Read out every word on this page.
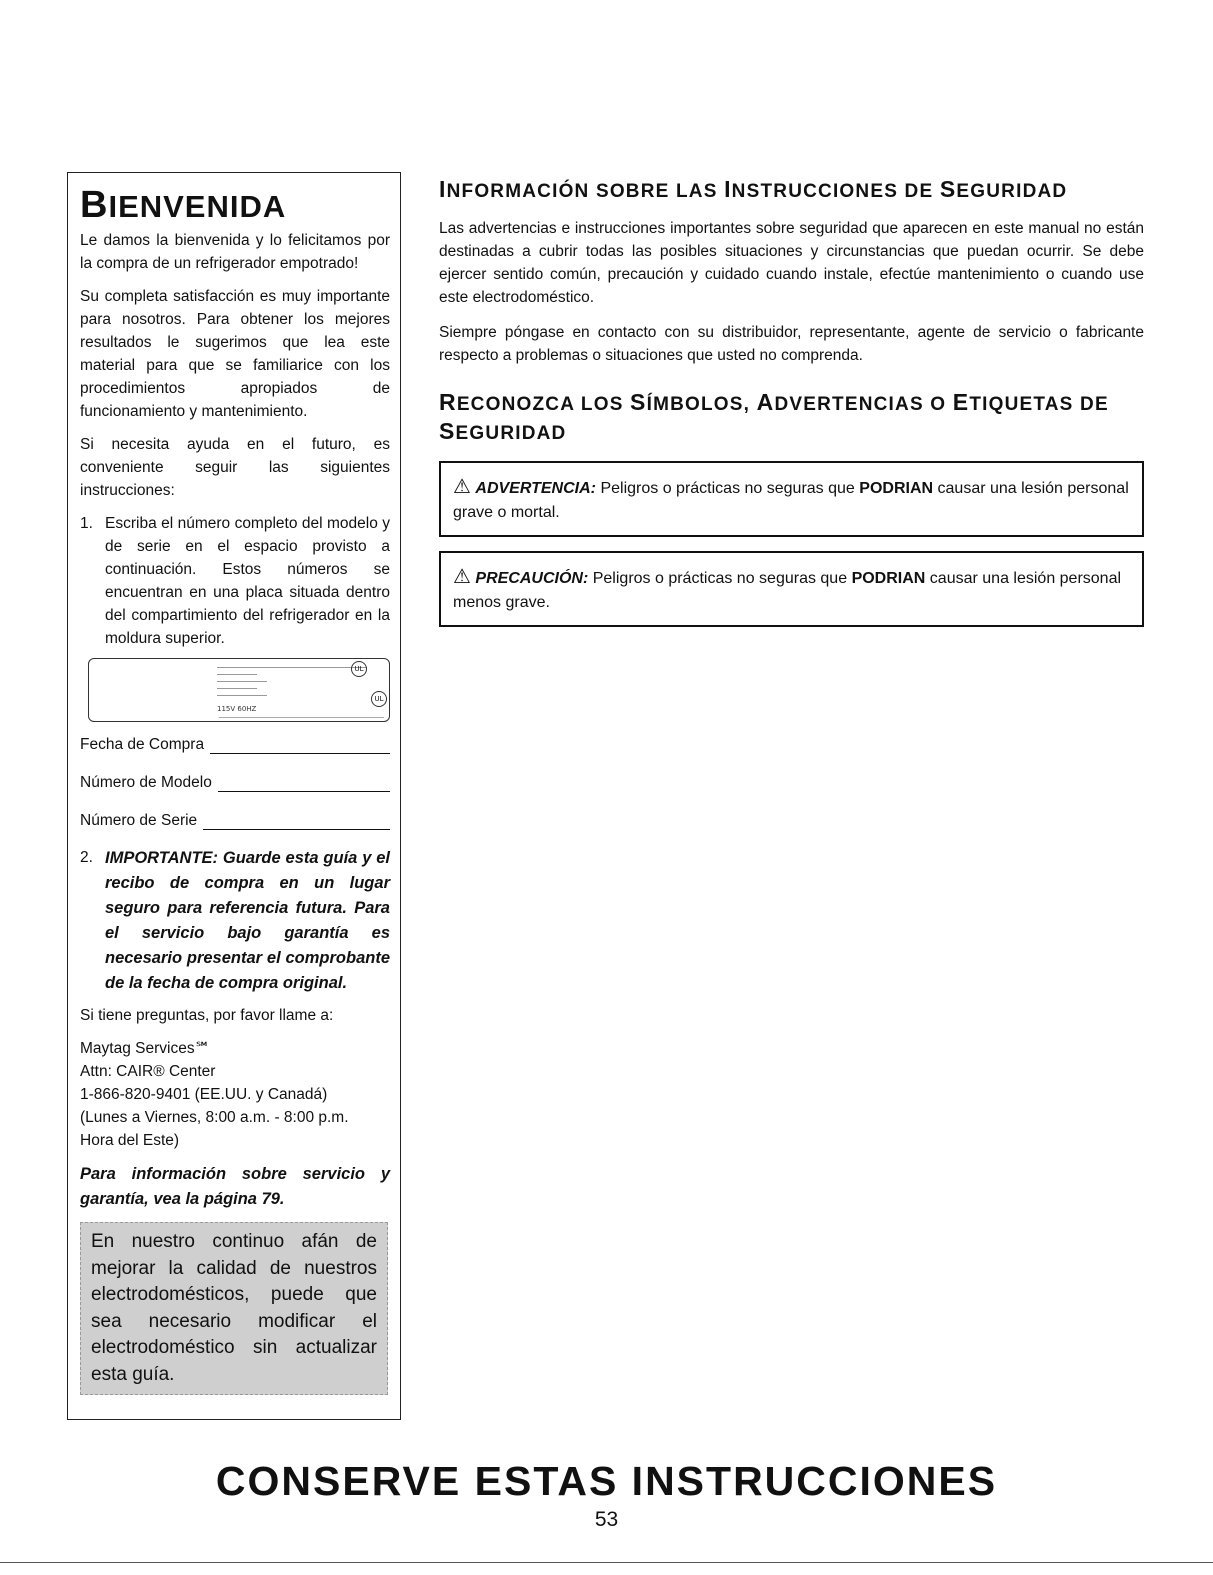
BIENVENIDA

Le damos la bienvenida y lo felicitamos por la compra de un refrigerador empotrado!

Su completa satisfacción es muy importante para nosotros. Para obtener los mejores resultados le sugerimos que lea este material para que se familiarice con los procedimientos apropiados de funcionamiento y mantenimiento.

Si necesita ayuda en el futuro, es conveniente seguir las siguientes instrucciones:

1. Escriba el número completo del modelo y de serie en el espacio provisto a continuación. Estos números se encuentran en una placa situada dentro del compartimiento del refrigerador en la moldura superior.
115V 60HZ
UL
UL
Fecha de Compra
Número de Modelo
Número de Serie
2. IMPORTANTE: Guarde esta guía y el recibo de compra en un lugar seguro para referencia futura. Para el servicio bajo garantía es necesario presentar el comprobante de la fecha de compra original.

Si tiene preguntas, por favor llame a:

Maytag Services℠

Attn: CAIR® Center

1-866-820-9401 (EE.UU. y Canadá)

(Lunes a Viernes, 8:00 a.m. - 8:00 p.m.

Hora del Este)

Para información sobre servicio y garantía, vea la página 79.

En nuestro continuo afán de mejorar la calidad de nuestros electrodomésticos, puede que sea necesario modificar el electrodoméstico sin actualizar esta guía.
INFORMACIÓN SOBRE LAS INSTRUCCIONES DE SEGURIDAD

Las advertencias e instrucciones importantes sobre seguridad que aparecen en este manual no están destinadas a cubrir todas las posibles situaciones y circunstancias que puedan ocurrir. Se debe ejercer sentido común, precaución y cuidado cuando instale, efectúe mantenimiento o cuando use este electrodoméstico.

Siempre póngase en contacto con su distribuidor, representante, agente de servicio o fabricante respecto a problemas o situaciones que usted no comprenda.

RECONOZCA LOS SÍMBOLOS, ADVERTENCIAS O ETIQUETAS DE SEGURIDAD
⚠ ADVERTENCIA: Peligros o prácticas no seguras que PODRIAN causar una lesión personal grave o mortal.
⚠ PRECAUCIÓN: Peligros o prácticas no seguras que PODRIAN causar una lesión personal menos grave.
CONSERVE ESTAS INSTRUCCIONES
53
